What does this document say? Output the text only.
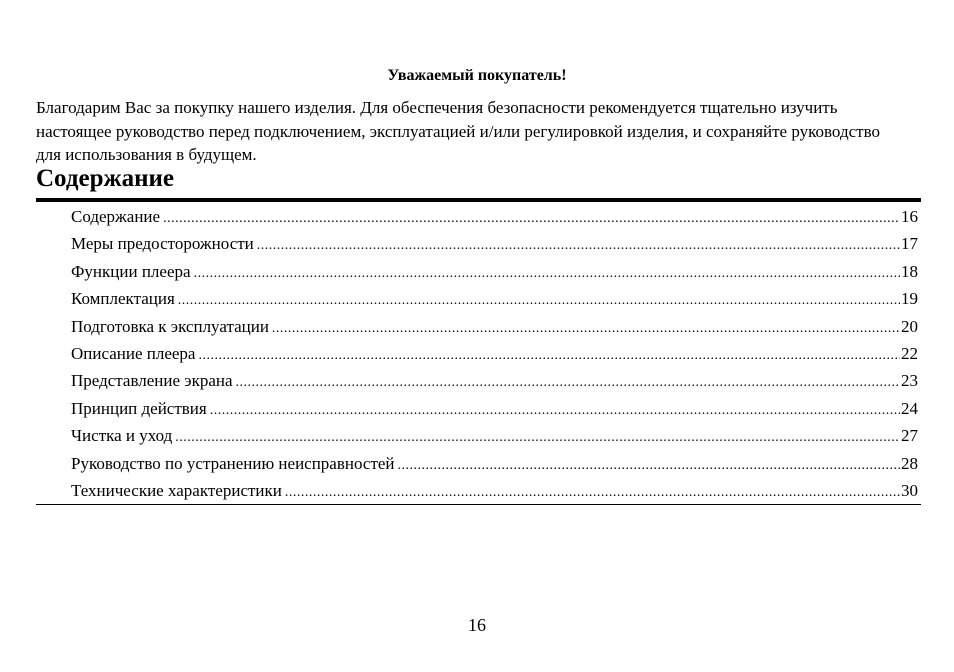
Уважаемый покупатель!

Благодарим Вас за покупку нашего изделия. Для обеспечения безопасности рекомендуется тщательно изучить настоящее руководство перед подключением, эксплуатацией и/или регулировкой изделия, и сохраняйте руководство для использования в будущем.

Содержание
Содержание .....	16
Меры предосторожности .....	17
Функции плеера .....	18
Комплектация .....	19
Подготовка к эксплуатации .....	20
Описание плеера .....	22
Представление экрана .....	23
Принцип действия .....	24
Чистка и уход .....	27
Руководство по устранению неисправностей .....	28
Технические характеристики .....	30
16
